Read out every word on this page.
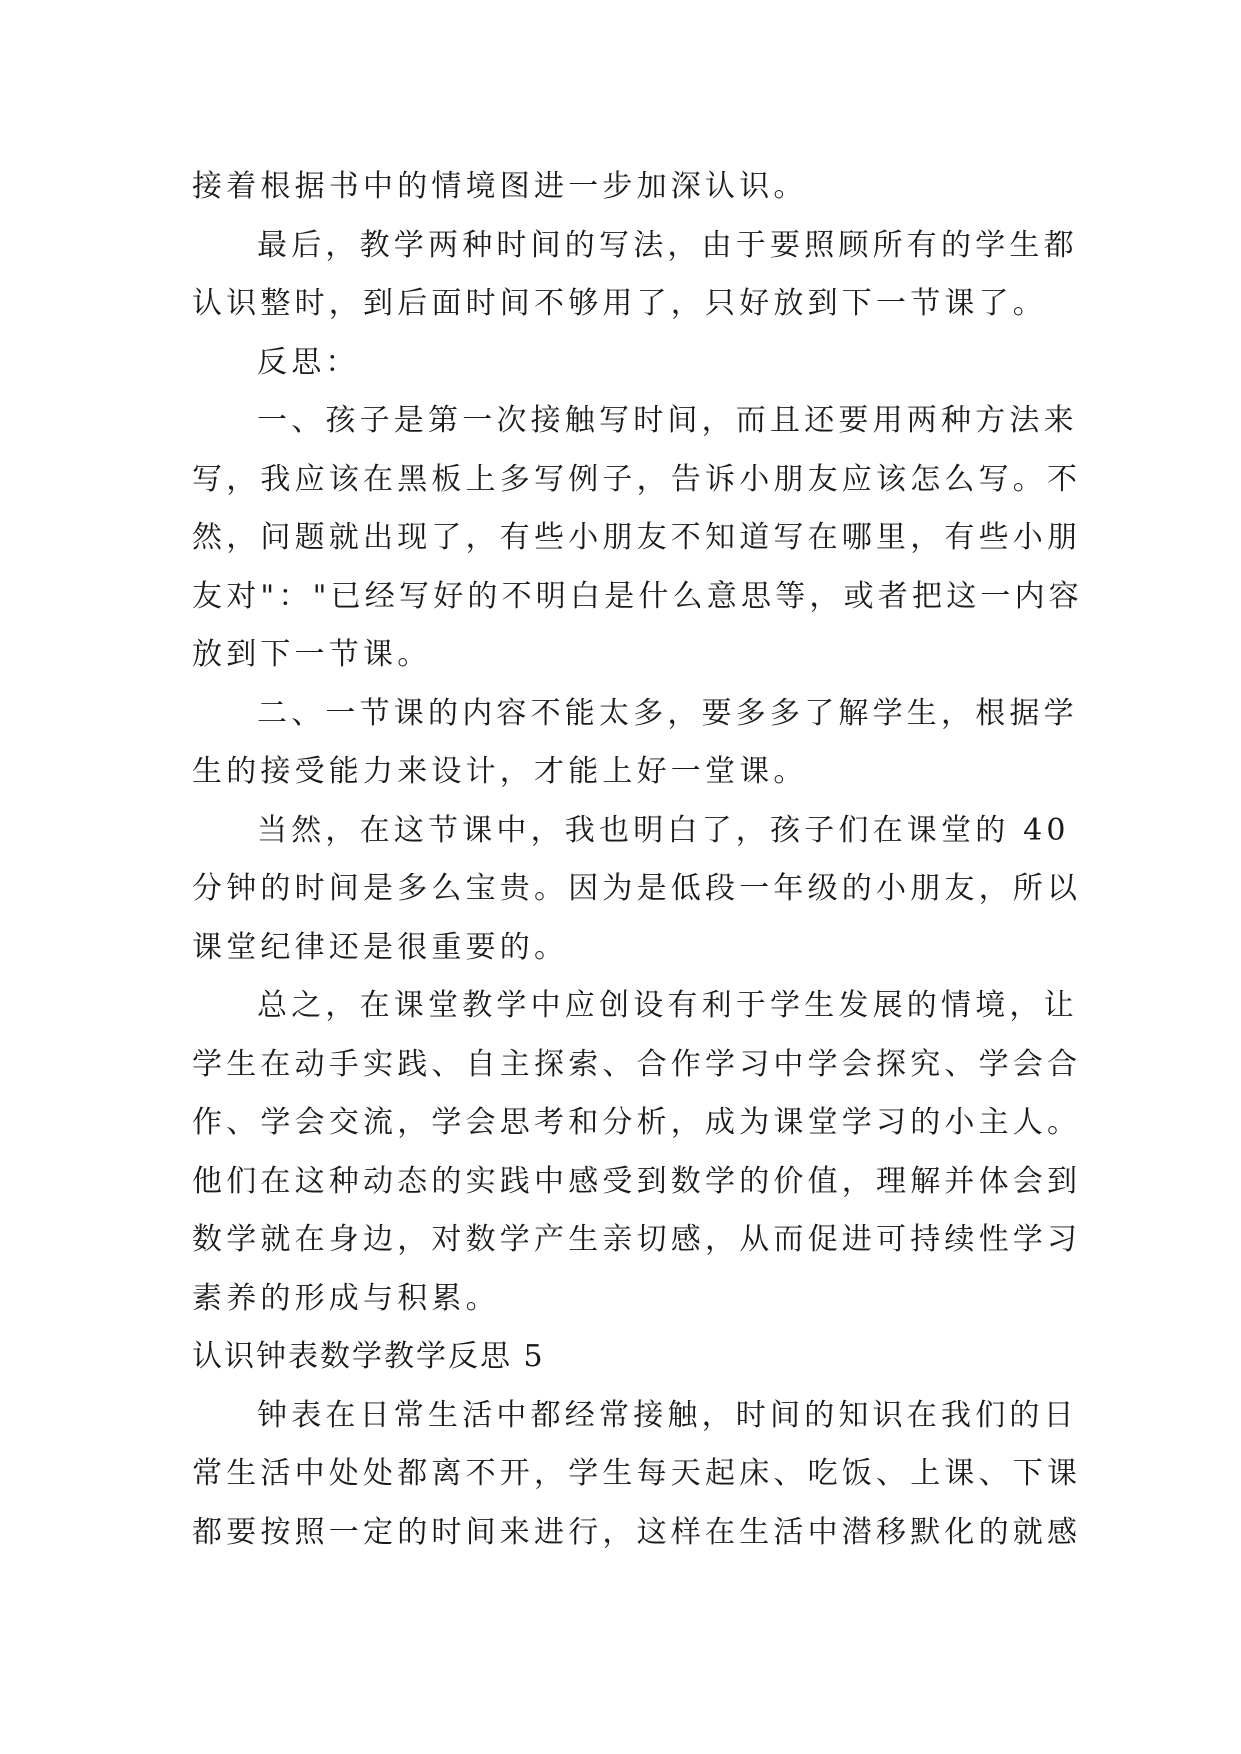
接着根据书中的情境图进一步加深认识。
最后，教学两种时间的写法，由于要照顾所有的学生都
认识整时，到后面时间不够用了，只好放到下一节课了。
反思：
一、孩子是第一次接触写时间，而且还要用两种方法来
写，我应该在黑板上多写例子，告诉小朋友应该怎么写。不
然，问题就出现了，有些小朋友不知道写在哪里，有些小朋
友对"："已经写好的不明白是什么意思等，或者把这一内容
放到下一节课。
二、一节课的内容不能太多，要多多了解学生，根据学
生的接受能力来设计，才能上好一堂课。
当然，在这节课中，我也明白了，孩子们在课堂的 40
分钟的时间是多么宝贵。因为是低段一年级的小朋友，所以
课堂纪律还是很重要的。
总之，在课堂教学中应创设有利于学生发展的情境，让
学生在动手实践、自主探索、合作学习中学会探究、学会合
作、学会交流，学会思考和分析，成为课堂学习的小主人。
他们在这种动态的实践中感受到数学的价值，理解并体会到
数学就在身边，对数学产生亲切感，从而促进可持续性学习
素养的形成与积累。
认识钟表数学教学反思 5
钟表在日常生活中都经常接触，时间的知识在我们的日
常生活中处处都离不开，学生每天起床、吃饭、上课、下课
都要按照一定的时间来进行，这样在生活中潜移默化的就感
